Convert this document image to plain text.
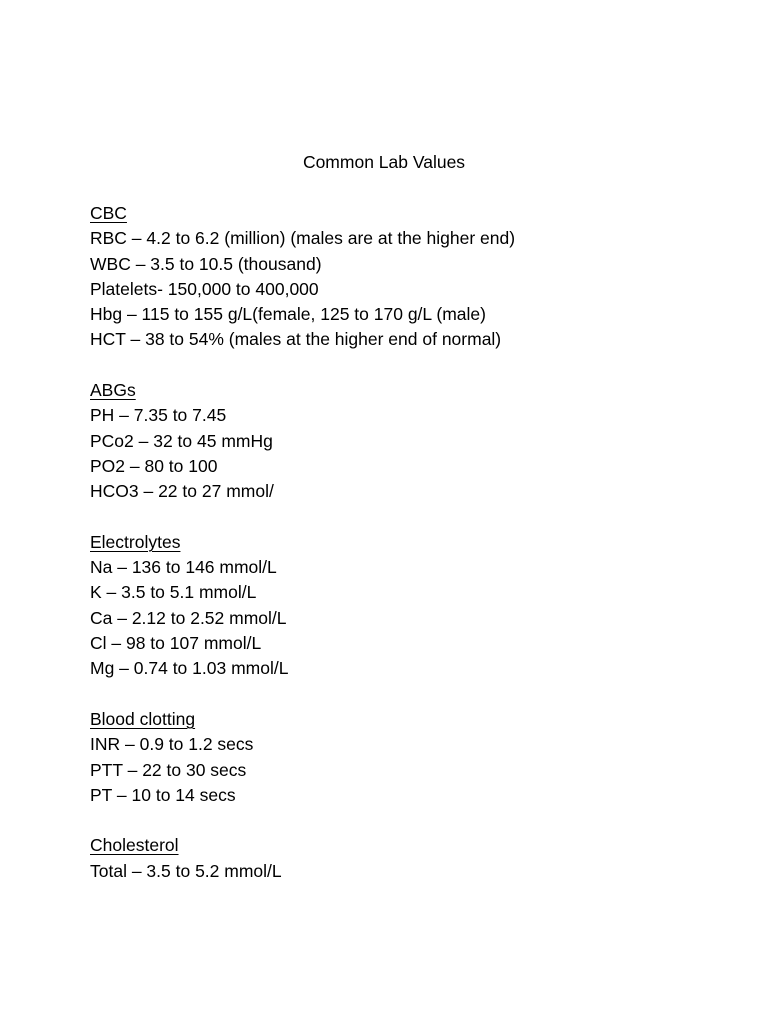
Common Lab Values
CBC
RBC – 4.2 to 6.2 (million) (males are at the higher end)
WBC – 3.5 to 10.5 (thousand)
Platelets- 150,000 to 400,000
Hbg – 115 to 155 g/L(female, 125 to 170 g/L (male)
HCT – 38 to 54% (males at the higher end of normal)
ABGs
PH – 7.35 to 7.45
PCo2 – 32 to 45 mmHg
PO2 – 80 to 100
HCO3 – 22 to 27 mmol/
Electrolytes
Na – 136 to 146 mmol/L
K – 3.5 to 5.1 mmol/L
Ca – 2.12 to 2.52 mmol/L
Cl – 98 to 107 mmol/L
Mg – 0.74 to 1.03 mmol/L
Blood clotting
INR – 0.9 to 1.2 secs
PTT – 22 to 30 secs
PT – 10 to 14 secs
Cholesterol
Total – 3.5 to 5.2 mmol/L
